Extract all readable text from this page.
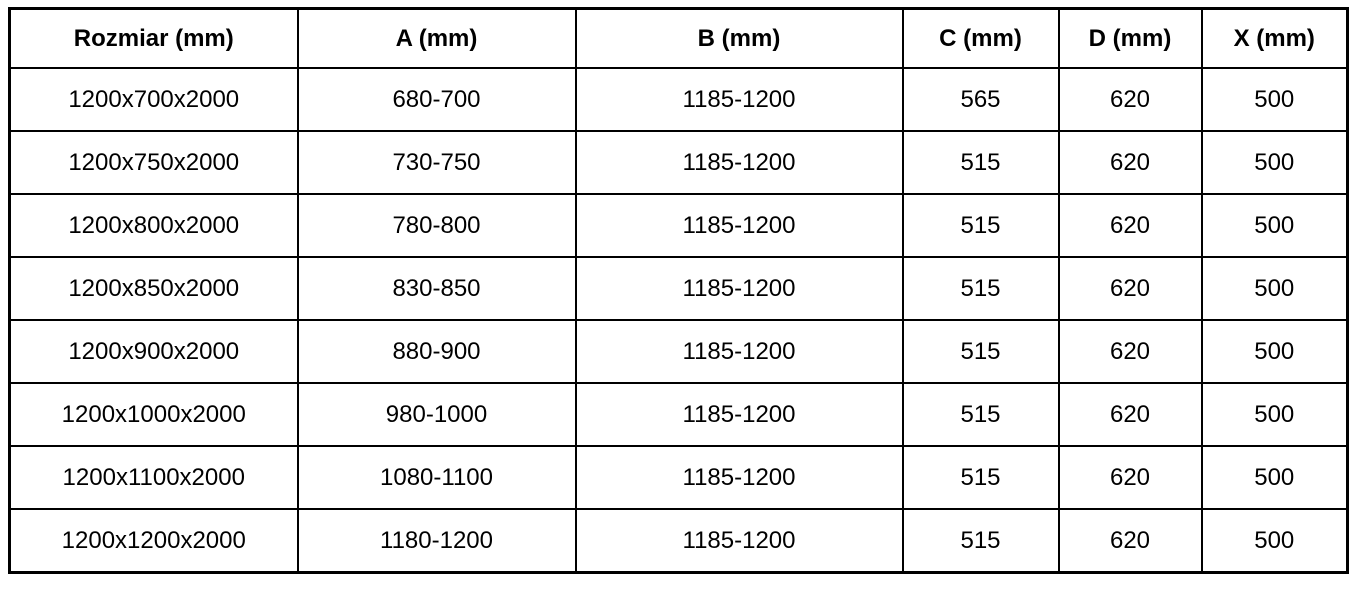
Rozmiar (mm)	A (mm)	B (mm)	C (mm)	D (mm)	X (mm)
1200x700x2000	680-700	1185-1200	565	620	500
1200x750x2000	730-750	1185-1200	515	620	500
1200x800x2000	780-800	1185-1200	515	620	500
1200x850x2000	830-850	1185-1200	515	620	500
1200x900x2000	880-900	1185-1200	515	620	500
1200x1000x2000	980-1000	1185-1200	515	620	500
1200x1100x2000	1080-1100	1185-1200	515	620	500
1200x1200x2000	1180-1200	1185-1200	515	620	500
